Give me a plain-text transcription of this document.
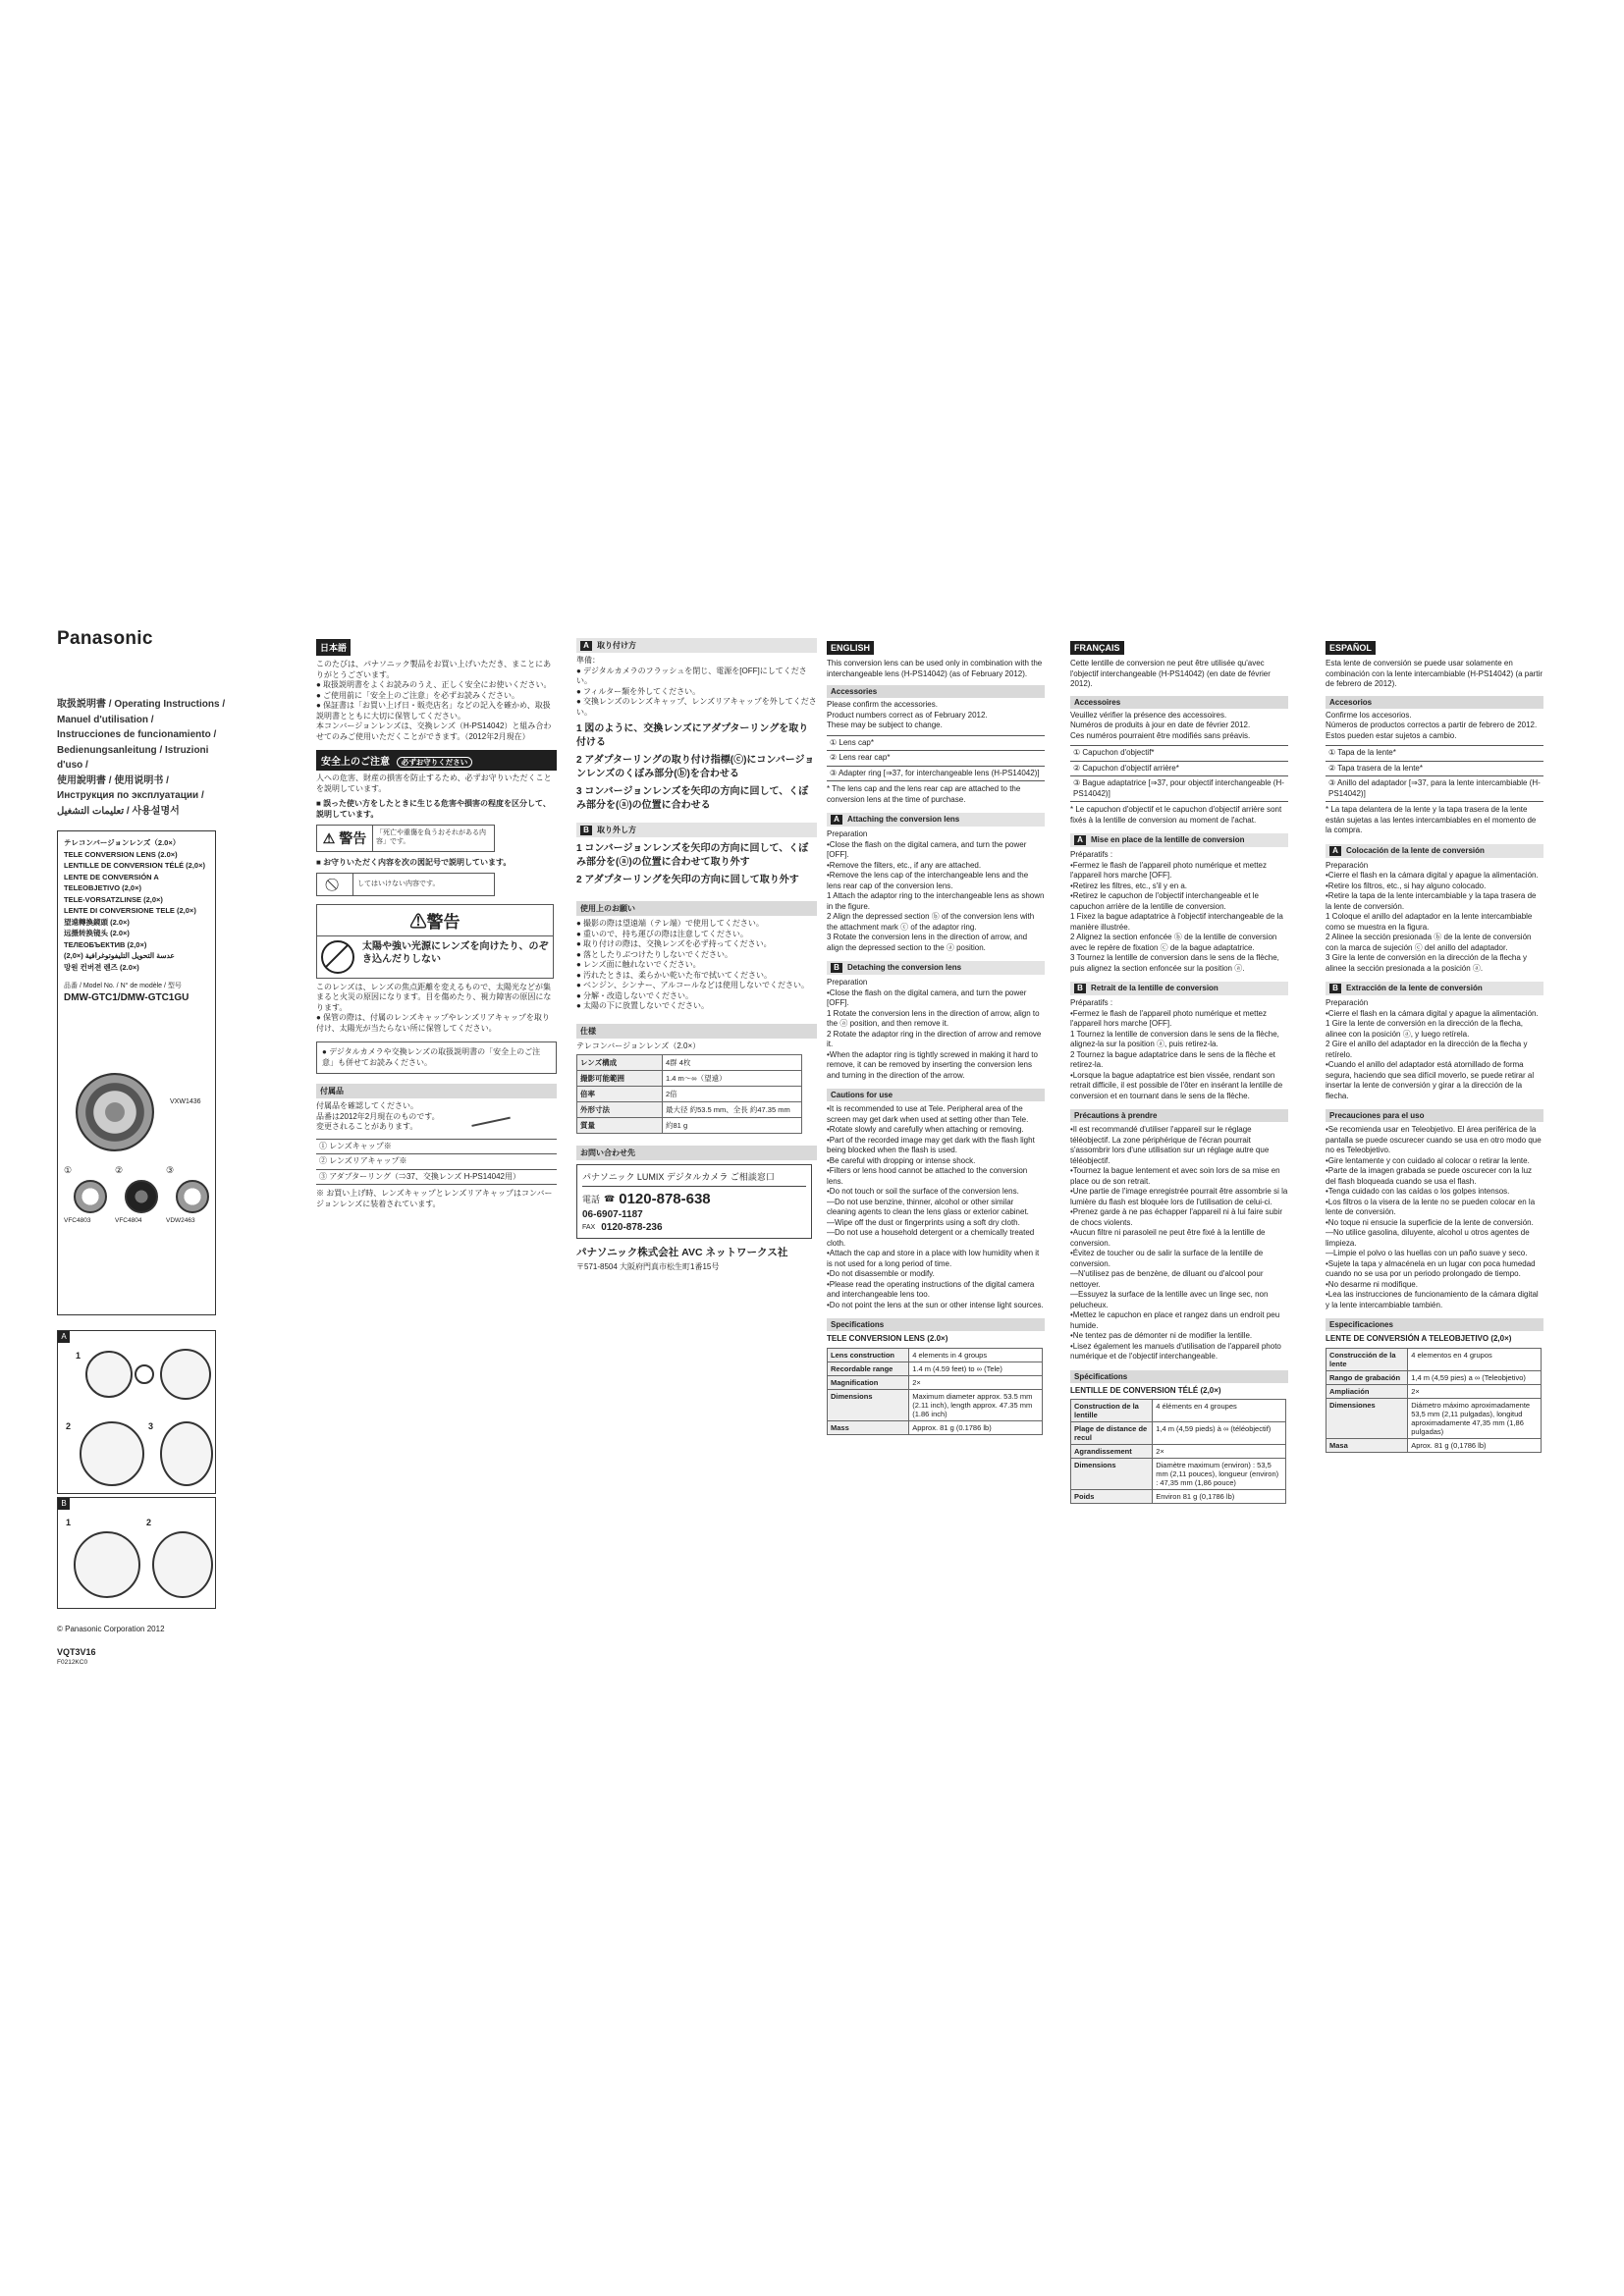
Panasonic
取扱説明書 / Operating Instructions /
Manuel d'utilisation /
Instrucciones de funcionamiento /
Bedienungsanleitung / Istruzioni d'uso /
使用說明書 / 使用说明书 /
Инструкция по эксплуатации /
تعليمات التشغيل / 사용설명서
テレコンバージョンレンズ（2.0×）
TELE CONVERSION LENS (2.0×)
LENTILLE DE CONVERSION TÉLÉ (2,0×)
LENTE DE CONVERSIÓN A TELEOBJETIVO (2,0×)
TELE-VORSATZLINSE (2,0×)
LENTE DI CONVERSIONE TELE (2,0×)
望遠轉換鏡頭 (2.0×)
远摄转换镜头 (2.0×)
ТЕЛЕОБЪЕКТИВ (2,0×)
(2,0×) عدسة التحويل التليفوتوغرافية
망원 컨버젼 렌즈 (2.0×)
品番 / Model No. / N° de modèle / 型号
DMW-GTC1/DMW-GTC1GU
VXW1436
①
VFC4803
②
VFC4804
③
VDW2463
A
1
2	3
B
1	2
© Panasonic Corporation 2012
VQT3V16
F0212KC0
日本語
このたびは、パナソニック製品をお買い上げいただき、まことにありがとうございます。
● 取扱説明書をよくお読みのうえ、正しく安全にお使いください。
● ご使用前に「安全上のご注意」を必ずお読みください。
● 保証書は「お買い上げ日・販売店名」などの記入を確かめ、取扱説明書とともに大切に保管してください。
本コンバージョンレンズは、交換レンズ（H-PS14042）と組み合わせてのみご使用いただくことができます。（2012年2月現在）
安全上のご注意 必ずお守りください
人への危害、財産の損害を防止するため、必ずお守りいただくことを説明しています。
■ 誤った使い方をしたときに生じる危害や損害の程度を区分して、説明しています。
⚠ 警告	「死亡や重傷を負うおそれがある内容」です。
■ お守りいただく内容を次の図記号で説明しています。
してはいけない内容です。
⚠警告
太陽や強い光源にレンズを向けたり、のぞき込んだりしない
このレンズは、レンズの焦点距離を変えるもので、太陽光などが集まると火災の原因になります。目を傷めたり、視力障害の原因になります。
● 保管の際は、付属のレンズキャップやレンズリアキャップを取り付け、太陽光が当たらない所に保管してください。
● デジタルカメラや交換レンズの取扱説明書の「安全上のご注意」も併せてお読みください。
付属品
付属品を確認してください。
品番は2012年2月現在のものです。
変更されることがあります。
① レンズキャップ※
② レンズリアキャップ※
③ アダプターリング（⇒37、交換レンズ H-PS14042用）
※ お買い上げ時、レンズキャップとレンズリアキャップはコンバージョンレンズに装着されています。
A 取り付け方
準備：
● デジタルカメラのフラッシュを閉じ、電源を[OFF]にしてください。
● フィルター類を外してください。
● 交換レンズのレンズキャップ、レンズリアキャップを外してください。
1 図のように、交換レンズにアダプターリングを取り付ける
2 アダプターリングの取り付け指標(ⓒ)にコンバージョンレンズのくぼみ部分(ⓑ)を合わせる
3 コンバージョンレンズを矢印の方向に回して、くぼみ部分を(ⓐ)の位置に合わせる
B 取り外し方
1 コンバージョンレンズを矢印の方向に回して、くぼみ部分を(ⓐ)の位置に合わせて取り外す
2 アダプターリングを矢印の方向に回して取り外す
使用上のお願い
● 撮影の際は望遠端（テレ端）で使用してください。
● 重いので、持ち運びの際は注意してください。
● 取り付けの際は、交換レンズを必ず持ってください。
● 落としたりぶつけたりしないでください。
● レンズ面に触れないでください。
● 汚れたときは、柔らかい乾いた布で拭いてください。
● ベンジン、シンナー、アルコールなどは使用しないでください。
● 分解・改造しないでください。
● 太陽の下に放置しないでください。
仕様
テレコンバージョンレンズ（2.0×）
レンズ構成	4群 4枚
撮影可能範囲	1.4 m〜∞（望遠）
倍率	2倍
外形寸法	最大径 約53.5 mm、全長 約47.35 mm
質量	約81 g
お問い合わせ先
パナソニック LUMIX デジタルカメラ ご相談窓口
電話 ☎ 0120-878-638
06-6907-1187
FAX 0120-878-236
パナソニック株式会社 AVC ネットワークス社
〒571-8504 大阪府門真市松生町1番15号
ENGLISH
This conversion lens can be used only in combination with the interchangeable lens (H-PS14042) (as of February 2012).
Accessories
Please confirm the accessories.
Product numbers correct as of February 2012.
These may be subject to change.
① Lens cap*
② Lens rear cap*
③ Adapter ring [⇒37, for interchangeable lens (H-PS14042)]
* The lens cap and the lens rear cap are attached to the conversion lens at the time of purchase.
A Attaching the conversion lens
Preparation
•Close the flash on the digital camera, and turn the power [OFF].
•Remove the filters, etc., if any are attached.
•Remove the lens cap of the interchangeable lens and the lens rear cap of the conversion lens.
1 Attach the adaptor ring to the interchangeable lens as shown in the figure.
2 Align the depressed section ⓑ of the conversion lens with the attachment mark ⓒ of the adaptor ring.
3 Rotate the conversion lens in the direction of arrow, and align the depressed section to the ⓐ position.
B Detaching the conversion lens
Preparation
•Close the flash on the digital camera, and turn the power [OFF].
1 Rotate the conversion lens in the direction of arrow, align to the ⓐ position, and then remove it.
2 Rotate the adaptor ring in the direction of arrow and remove it.
•When the adaptor ring is tightly screwed in making it hard to remove, it can be removed by inserting the conversion lens and turning in the direction of the arrow.
Cautions for use
•It is recommended to use at Tele. Peripheral area of the screen may get dark when used at setting other than Tele.
•Rotate slowly and carefully when attaching or removing.
•Part of the recorded image may get dark with the flash light being blocked when the flash is used.
•Be careful with dropping or intense shock.
•Filters or lens hood cannot be attached to the conversion lens.
•Do not touch or soil the surface of the conversion lens.
—Do not use benzine, thinner, alcohol or other similar cleaning agents to clean the lens glass or exterior cabinet.
—Wipe off the dust or fingerprints using a soft dry cloth.
—Do not use a household detergent or a chemically treated cloth.
•Attach the cap and store in a place with low humidity when it is not used for a long period of time.
•Do not disassemble or modify.
•Please read the operating instructions of the digital camera and interchangeable lens too.
•Do not point the lens at the sun or other intense light sources.
Specifications
TELE CONVERSION LENS (2.0×)
Lens construction	4 elements in 4 groups
Recordable range	1.4 m (4.59 feet) to ∞ (Tele)
Magnification	2×
Dimensions	Maximum diameter approx. 53.5 mm (2.11 inch), length approx. 47.35 mm (1.86 inch)
Mass	Approx. 81 g (0.1786 lb)
FRANÇAIS
Cette lentille de conversion ne peut être utilisée qu'avec l'objectif interchangeable (H-PS14042) (en date de février 2012).
Accessoires
Veuillez vérifier la présence des accessoires.
Numéros de produits à jour en date de février 2012.
Ces numéros pourraient être modifiés sans préavis.
① Capuchon d'objectif*
② Capuchon d'objectif arrière*
③ Bague adaptatrice [⇒37, pour objectif interchangeable (H-PS14042)]
* Le capuchon d'objectif et le capuchon d'objectif arrière sont fixés à la lentille de conversion au moment de l'achat.
A Mise en place de la lentille de conversion
Préparatifs :
•Fermez le flash de l'appareil photo numérique et mettez l'appareil hors marche [OFF].
•Retirez les filtres, etc., s'il y en a.
•Retirez le capuchon de l'objectif interchangeable et le capuchon arrière de la lentille de conversion.
1 Fixez la bague adaptatrice à l'objectif interchangeable de la manière illustrée.
2 Alignez la section enfoncée ⓑ de la lentille de conversion avec le repère de fixation ⓒ de la bague adaptatrice.
3 Tournez la lentille de conversion dans le sens de la flèche, puis alignez la section enfoncée sur la position ⓐ.
B Retrait de la lentille de conversion
Préparatifs :
•Fermez le flash de l'appareil photo numérique et mettez l'appareil hors marche [OFF].
1 Tournez la lentille de conversion dans le sens de la flèche, alignez-la sur la position ⓐ, puis retirez-la.
2 Tournez la bague adaptatrice dans le sens de la flèche et retirez-la.
•Lorsque la bague adaptatrice est bien vissée, rendant son retrait difficile, il est possible de l'ôter en insérant la lentille de conversion et en tournant dans le sens de la flèche.
Précautions à prendre
•Il est recommandé d'utiliser l'appareil sur le réglage téléobjectif. La zone périphérique de l'écran pourrait s'assombrir lors d'une utilisation sur un réglage autre que téléobjectif.
•Tournez la bague lentement et avec soin lors de sa mise en place ou de son retrait.
•Une partie de l'image enregistrée pourrait être assombrie si la lumière du flash est bloquée lors de l'utilisation de celui-ci.
•Prenez garde à ne pas échapper l'appareil ni à lui faire subir de chocs violents.
•Aucun filtre ni parasoleil ne peut être fixé à la lentille de conversion.
•Évitez de toucher ou de salir la surface de la lentille de conversion.
—N'utilisez pas de benzène, de diluant ou d'alcool pour nettoyer.
—Essuyez la surface de la lentille avec un linge sec, non pelucheux.
•Mettez le capuchon en place et rangez dans un endroit peu humide.
•Ne tentez pas de démonter ni de modifier la lentille.
•Lisez également les manuels d'utilisation de l'appareil photo numérique et de l'objectif interchangeable.
Spécifications
LENTILLE DE CONVERSION TÉLÉ (2,0×)
Construction de la lentille	4 éléments en 4 groupes
Plage de distance de recul	1,4 m (4,59 pieds) à ∞ (téléobjectif)
Agrandissement	2×
Dimensions	Diamètre maximum (environ) : 53,5 mm (2,11 pouces), longueur (environ) : 47,35 mm (1,86 pouce)
Poids	Environ 81 g (0,1786 lb)
ESPAÑOL
Esta lente de conversión se puede usar solamente en combinación con la lente intercambiable (H-PS14042) (a partir de febrero de 2012).
Accesorios
Confirme los accesorios.
Números de productos correctos a partir de febrero de 2012.
Estos pueden estar sujetos a cambio.
① Tapa de la lente*
② Tapa trasera de la lente*
③ Anillo del adaptador [⇒37, para la lente intercambiable (H-PS14042)]
* La tapa delantera de la lente y la tapa trasera de la lente están sujetas a las lentes intercambiables en el momento de la compra.
A Colocación de la lente de conversión
Preparación
•Cierre el flash en la cámara digital y apague la alimentación.
•Retire los filtros, etc., si hay alguno colocado.
•Retire la tapa de la lente intercambiable y la tapa trasera de la lente de conversión.
1 Coloque el anillo del adaptador en la lente intercambiable como se muestra en la figura.
2 Alinee la sección presionada ⓑ de la lente de conversión con la marca de sujeción ⓒ del anillo del adaptador.
3 Gire la lente de conversión en la dirección de la flecha y alinee la sección presionada a la posición ⓐ.
B Extracción de la lente de conversión
Preparación
•Cierre el flash en la cámara digital y apague la alimentación.
1 Gire la lente de conversión en la dirección de la flecha, alinee con la posición ⓐ, y luego retírela.
2 Gire el anillo del adaptador en la dirección de la flecha y retírelo.
•Cuando el anillo del adaptador está atornillado de forma segura, haciendo que sea difícil moverlo, se puede retirar al insertar la lente de conversión y girar a la dirección de la flecha.
Precauciones para el uso
•Se recomienda usar en Teleobjetivo. El área periférica de la pantalla se puede oscurecer cuando se usa en otro modo que no es Teleobjetivo.
•Gire lentamente y con cuidado al colocar o retirar la lente.
•Parte de la imagen grabada se puede oscurecer con la luz del flash bloqueada cuando se usa el flash.
•Tenga cuidado con las caídas o los golpes intensos.
•Los filtros o la visera de la lente no se pueden colocar en la lente de conversión.
•No toque ni ensucie la superficie de la lente de conversión.
—No utilice gasolina, diluyente, alcohol u otros agentes de limpieza.
—Limpie el polvo o las huellas con un paño suave y seco.
•Sujete la tapa y almacénela en un lugar con poca humedad cuando no se usa por un periodo prolongado de tiempo.
•No desarme ni modifique.
•Lea las instrucciones de funcionamiento de la cámara digital y la lente intercambiable también.
Especificaciones
LENTE DE CONVERSIÓN A TELEOBJETIVO (2,0×)
Construcción de la lente	4 elementos en 4 grupos
Rango de grabación	1,4 m (4,59 pies) a ∞ (Teleobjetivo)
Ampliación	2×
Dimensiones	Diámetro máximo aproximadamente 53,5 mm (2,11 pulgadas), longitud aproximadamente 47,35 mm (1,86 pulgadas)
Masa	Aprox. 81 g (0,1786 lb)
